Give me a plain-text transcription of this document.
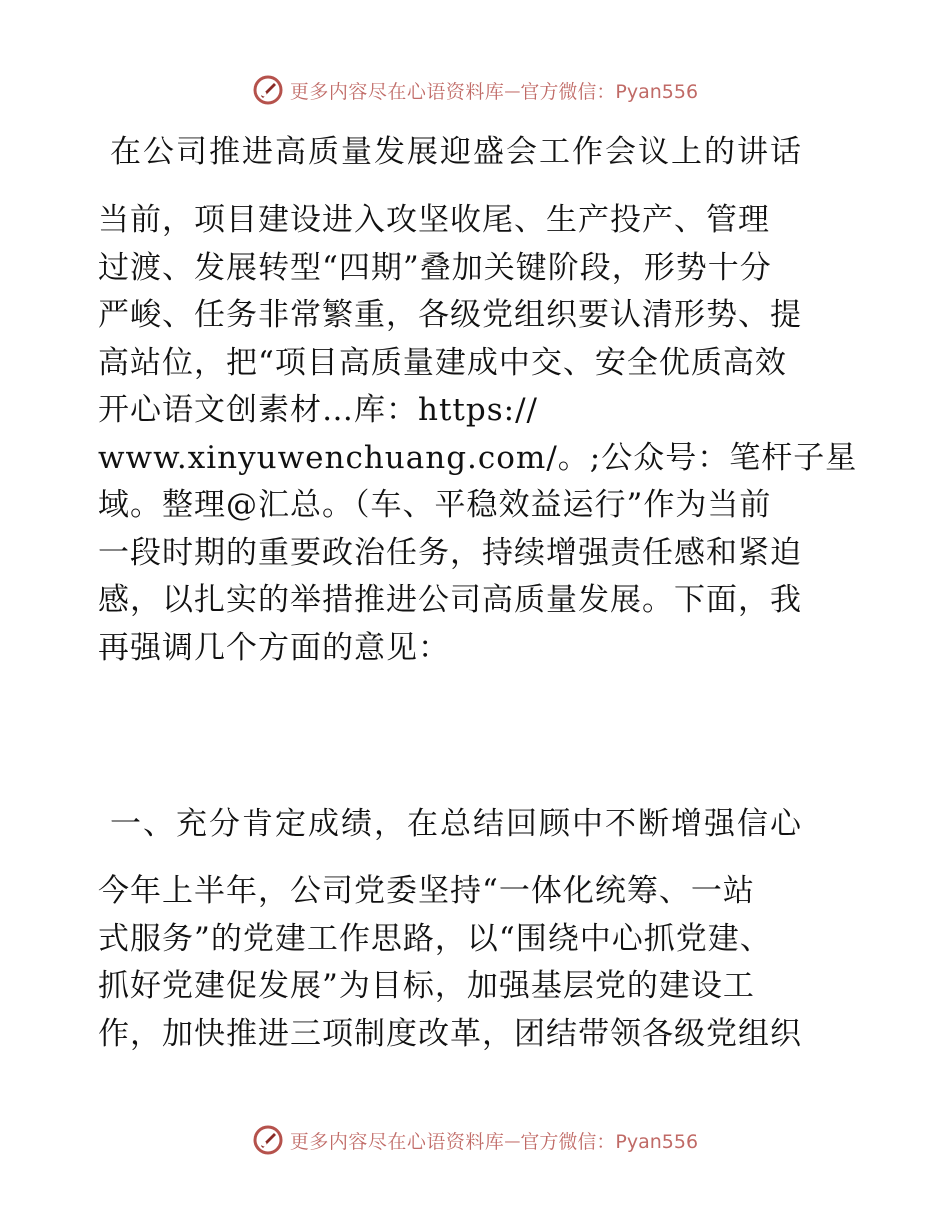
更多内容尽在心语资料库 — 官方微信：Pyan556
在公司推进高质量发展迎盛会工作会议上的讲话
当前，项目建设进入攻坚收尾、生产投产、管理
过渡、发展转型“四期”叠加关键阶段，形势十分
严峻、任务非常繁重，各级党组织要认清形势、提
高站位，把“项目高质量建成中交、安全优质高效
开心语文创素材…库：https://
www.xinyuwenchuang.com/。;公众号：笔杆子星
域。整理@汇总。（车、平稳效益运行”作为当前
一段时期的重要政治任务，持续增强责任感和紧迫
感，以扎实的举措推进公司高质量发展。下面，我
再强调几个方面的意见：
一、充分肯定成绩，在总结回顾中不断增强信心
今年上半年，公司党委坚持“一体化统筹、一站
式服务”的党建工作思路，以“围绕中心抓党建、
抓好党建促发展”为目标，加强基层党的建设工
作，加快推进三项制度改革，团结带领各级党组织
更多内容尽在心语资料库 — 官方微信：Pyan556
